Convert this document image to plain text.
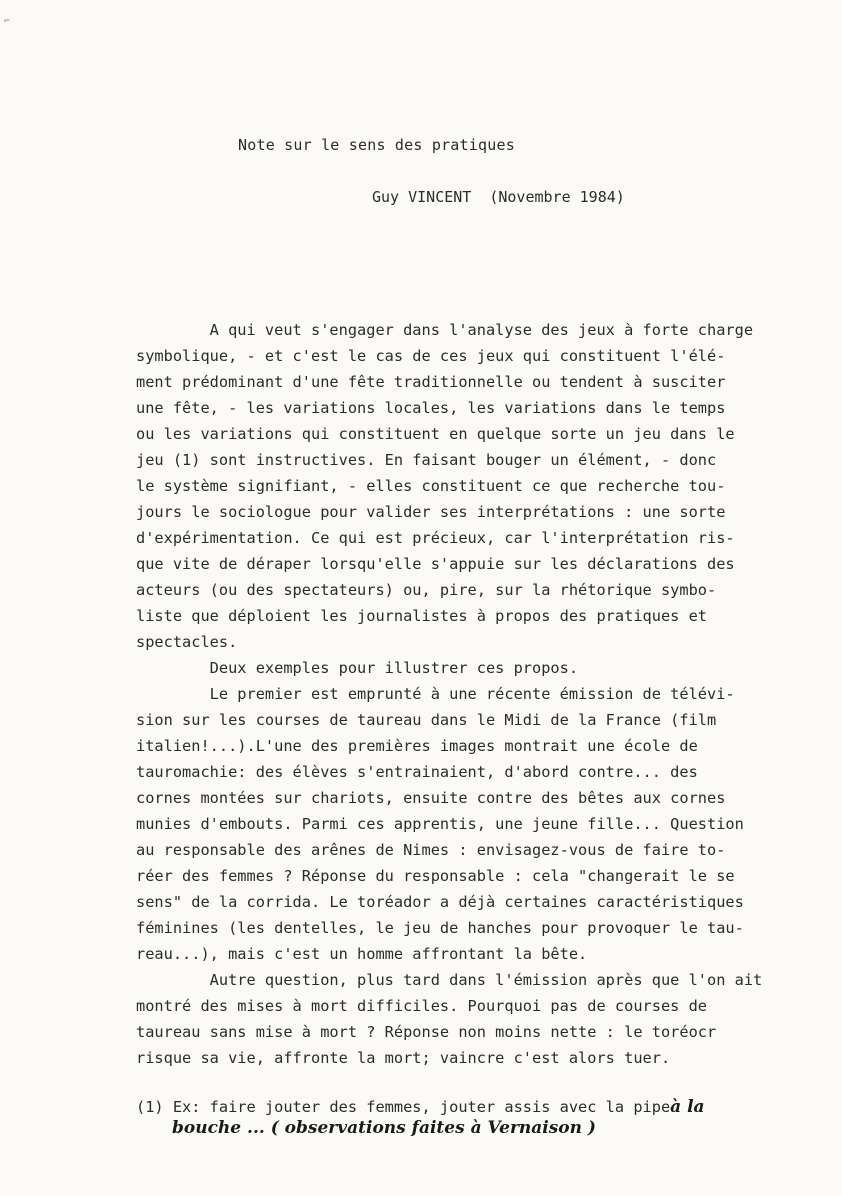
⌐
Note sur le sens des pratiques
Guy VINCENT (Novembre 1984)
A qui veut s'engager dans l'analyse des jeux à forte charge
symbolique, - et c'est le cas de ces jeux qui constituent l'élé-
ment prédominant d'une fête traditionnelle ou tendent à susciter
une fête, - les variations locales, les variations dans le temps
ou les variations qui constituent en quelque sorte un jeu dans le
jeu (1) sont instructives. En faisant bouger un élément, - donc
le système signifiant, - elles constituent ce que recherche tou-
jours le sociologue pour valider ses interprétations : une sorte
d'expérimentation. Ce qui est précieux, car l'interprétation ris-
que vite de déraper lorsqu'elle s'appuie sur les déclarations des
acteurs (ou des spectateurs) ou, pire, sur la rhétorique symbo-
liste que déploient les journalistes à propos des pratiques et
spectacles.
Deux exemples pour illustrer ces propos.
Le premier est emprunté à une récente émission de télévi-
sion sur les courses de taureau dans le Midi de la France (film
italien!...).L'une des premières images montrait une école de
tauromachie: des élèves s'entrainaient, d'abord contre... des
cornes montées sur chariots, ensuite contre des bêtes aux cornes
munies d'embouts. Parmi ces apprentis, une jeune fille... Question
au responsable des arênes de Nimes : envisagez-vous de faire to-
réer des femmes ? Réponse du responsable : cela "changerait le se
sens" de la corrida. Le toréador a déjà certaines caractéristiques
féminines (les dentelles, le jeu de hanches pour provoquer le tau-
reau...), mais c'est un homme affrontant la bête.
Autre question, plus tard dans l'émission après que l'on ait
montré des mises à mort difficiles. Pourquoi pas de courses de
taureau sans mise à mort ? Réponse non moins nette : le toréocr
risque sa vie, affronte la mort; vaincre c'est alors tuer.
(1) Ex: faire jouter des femmes, jouter assis avec la pipeà la
bouche ... ( observations faites à Vernaison )
